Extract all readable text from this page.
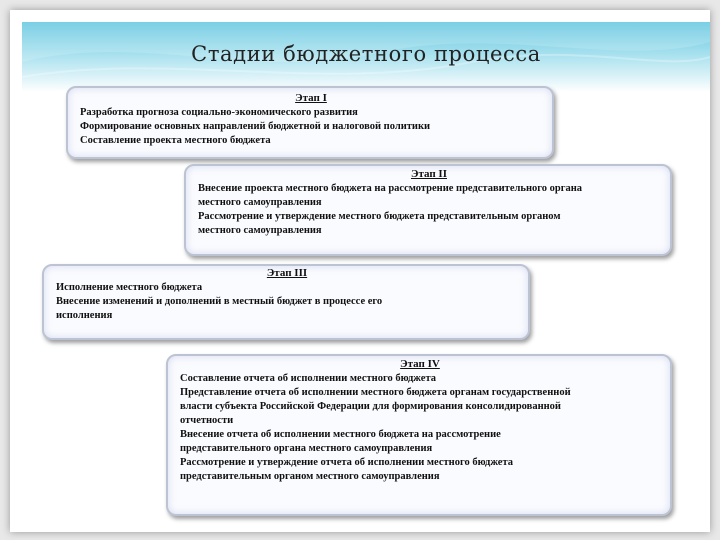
Стадии бюджетного процесса
Этап I
Разработка прогноза социально-экономического развития
Формирование основных направлений бюджетной и налоговой политики
Составление проекта местного бюджета
Этап II
Внесение проекта местного бюджета на рассмотрение представительного органа
местного самоуправления
Рассмотрение и утверждение местного бюджета представительным органом
местного самоуправления
Этап III
Исполнение местного бюджета
Внесение изменений и дополнений в местный бюджет в процессе его
исполнения
Этап IV
Составление отчета об исполнении местного бюджета
Представление отчета об исполнении местного бюджета органам государственной
власти субъекта Российской Федерации для формирования консолидированной
отчетности
Внесение отчета об исполнении местного бюджета на рассмотрение
представительного органа местного самоуправления
Рассмотрение и утверждение отчета об исполнении местного бюджета
представительным органом местного самоуправления
